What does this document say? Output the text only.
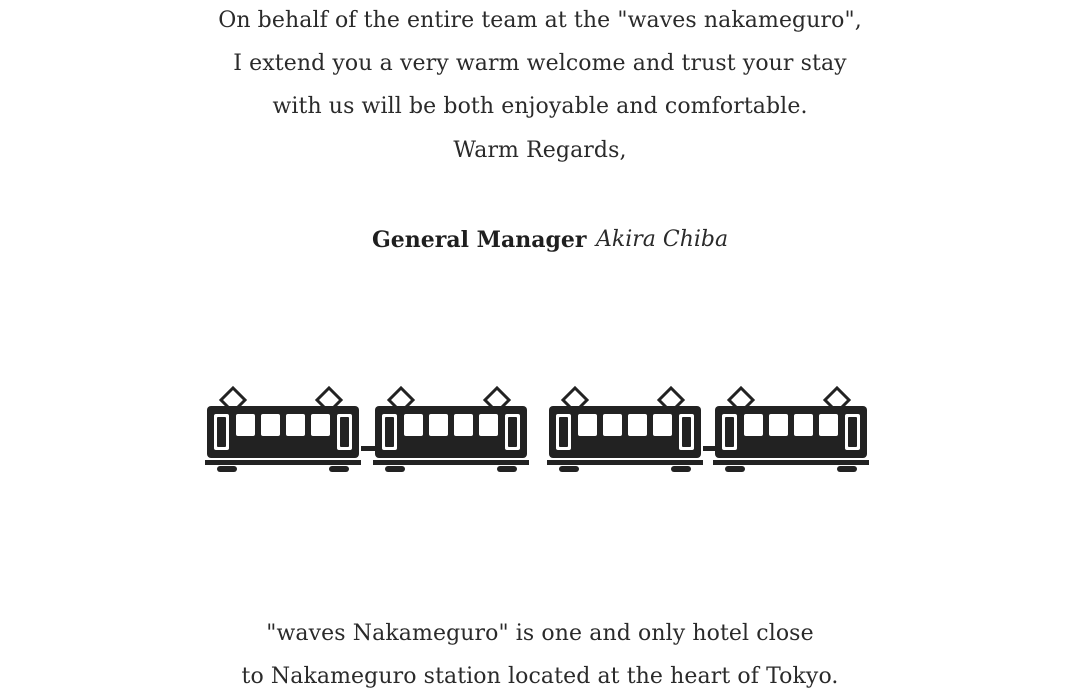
On behalf of the entire team at the "waves nakameguro",
I extend you a very warm welcome and trust your stay
with us will be both enjoyable and comfortable.
Warm Regards,
General Manager Akira Chiba
"waves Nakameguro" is one and only hotel close
to Nakameguro station located at the heart of Tokyo.
